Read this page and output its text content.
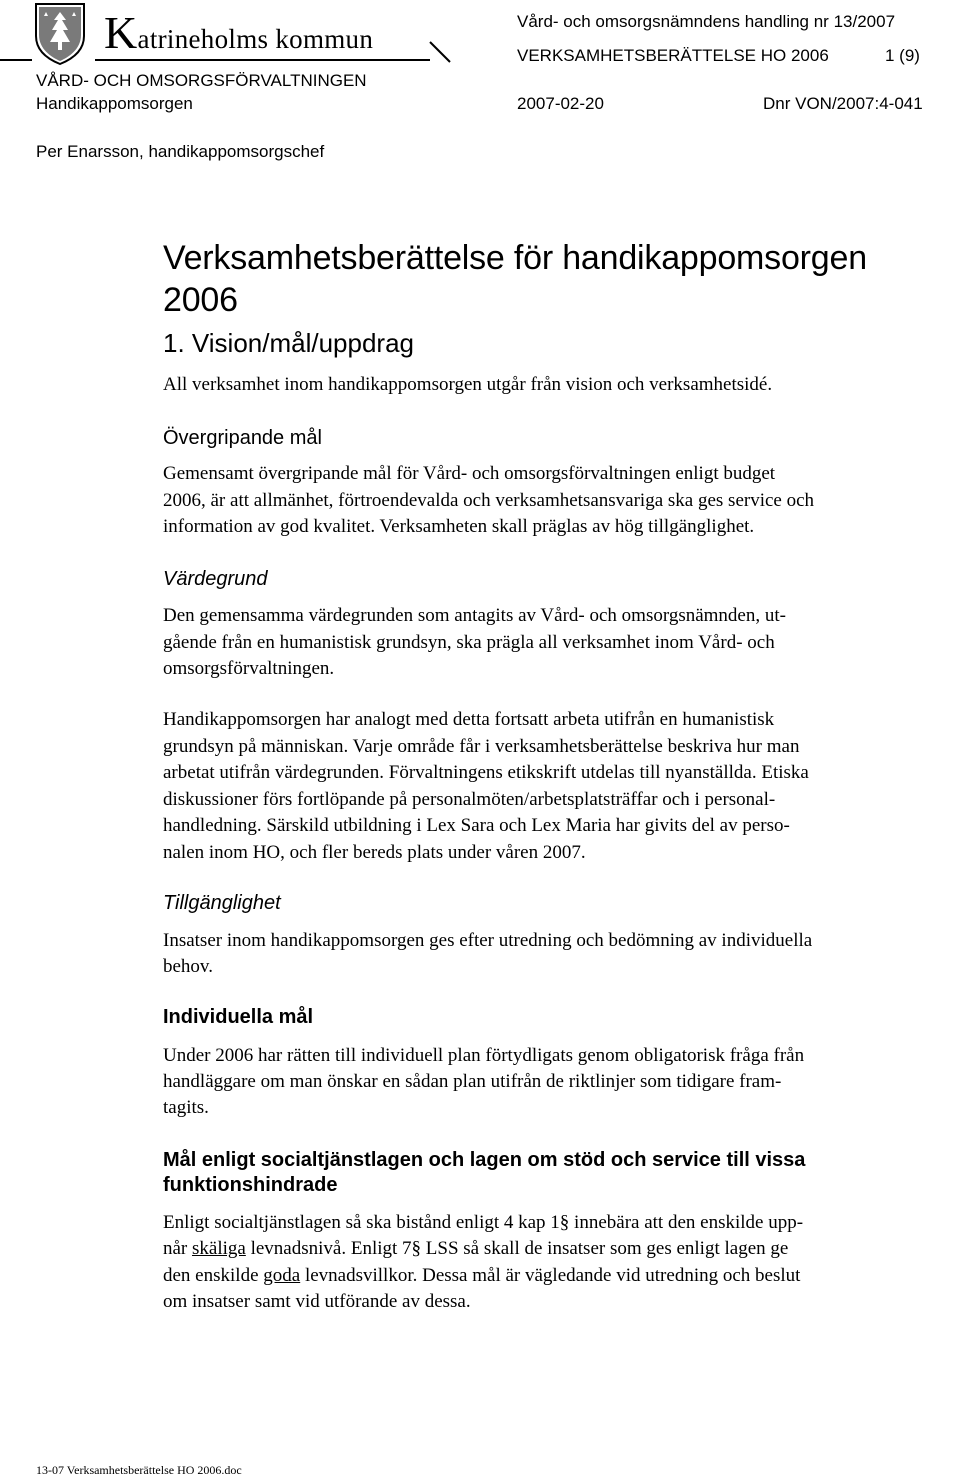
Katrineholms kommun
Vård- och omsorgsnämndens handling nr 13/2007
VERKSAMHETSBERÄTTELSE HO 2006	1 (9)
VÅRD- OCH OMSORGSFÖRVALTNINGEN
Handikappomsorgen	2007-02-20	Dnr VON/2007:4-041
Per Enarsson, handikappomsorgschef
Verksamhetsberättelse för handikappomsorgen
2006
1. Vision/mål/uppdrag
All verksamhet inom handikappomsorgen utgår från vision och verksamhetsidé.
Övergripande mål
Gemensamt övergripande mål för Vård- och omsorgsförvaltningen enligt budget
2006, är att allmänhet, förtroendevalda och verksamhetsansvariga ska ges service och
information av god kvalitet. Verksamheten skall präglas av hög tillgänglighet.
Värdegrund
Den gemensamma värdegrunden som antagits av Vård- och omsorgsnämnden, ut-
gående från en humanistisk grundsyn, ska prägla all verksamhet inom Vård- och
omsorgsförvaltningen.
Handikappomsorgen har analogt med detta fortsatt arbeta utifrån en humanistisk
grundsyn på människan. Varje område får i verksamhetsberättelse beskriva hur man
arbetat utifrån värdegrunden. Förvaltningens etikskrift utdelas till nyanställda. Etiska
diskussioner förs fortlöpande på personalmöten/arbetsplatsträffar och i personal-
handledning. Särskild utbildning i Lex Sara och Lex Maria har givits del av perso-
nalen inom HO, och fler bereds plats under våren 2007.
Tillgänglighet
Insatser inom handikappomsorgen ges efter utredning och bedömning av individuella
behov.
Individuella mål
Under 2006 har rätten till individuell plan förtydligats genom obligatorisk fråga från
handläggare om man önskar en sådan plan utifrån de riktlinjer som tidigare fram-
tagits.
Mål enligt socialtjänstlagen och lagen om stöd och service till vissa
funktionshindrade
Enligt socialtjänstlagen så ska bistånd enligt 4 kap 1§ innebära att den enskilde upp-
når skäliga levnadsnivå. Enligt 7§ LSS så skall de insatser som ges enligt lagen ge
den enskilde goda levnadsvillkor. Dessa mål är vägledande vid utredning och beslut
om insatser samt vid utförande av dessa.
13-07 Verksamhetsberättelse HO 2006.doc
